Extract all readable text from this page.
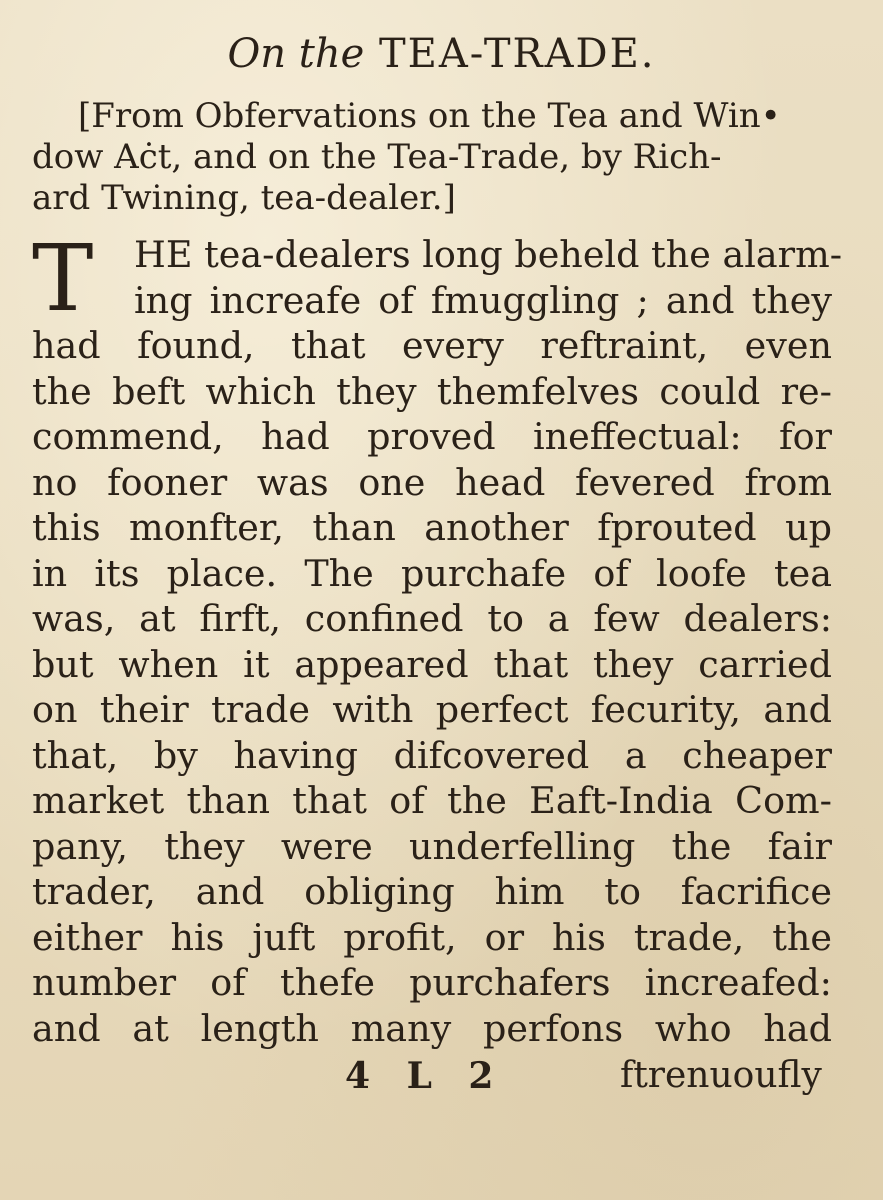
On the TEA-TRADE.
[From Obfervations on the Tea and Win•
dow Aċt, and on the Tea-Trade, by Rich-
ard Twining, tea-dealer.]
T	HE tea-dealers long beheld the alarm-
ing increafe of fmuggling ; and they
had found, that every reftraint, even
the beft which they themfelves could re-
commend, had proved ineffectual: for
no fooner was one head fevered from
this monfter, than another fprouted up
in its place. The purchafe of loofe tea
was, at firft, confined to a few dealers:
but when it appeared that they carried
on their trade with perfect fecurity, and
that, by having difcovered a cheaper
market than that of the Eaft-India Com-
pany, they were underfelling the fair
trader, and obliging him to facrifice
either his juft profit, or his trade, the
number of thefe purchafers increafed:
and at length many perfons who had
4 L 2	ftrenuoufly
